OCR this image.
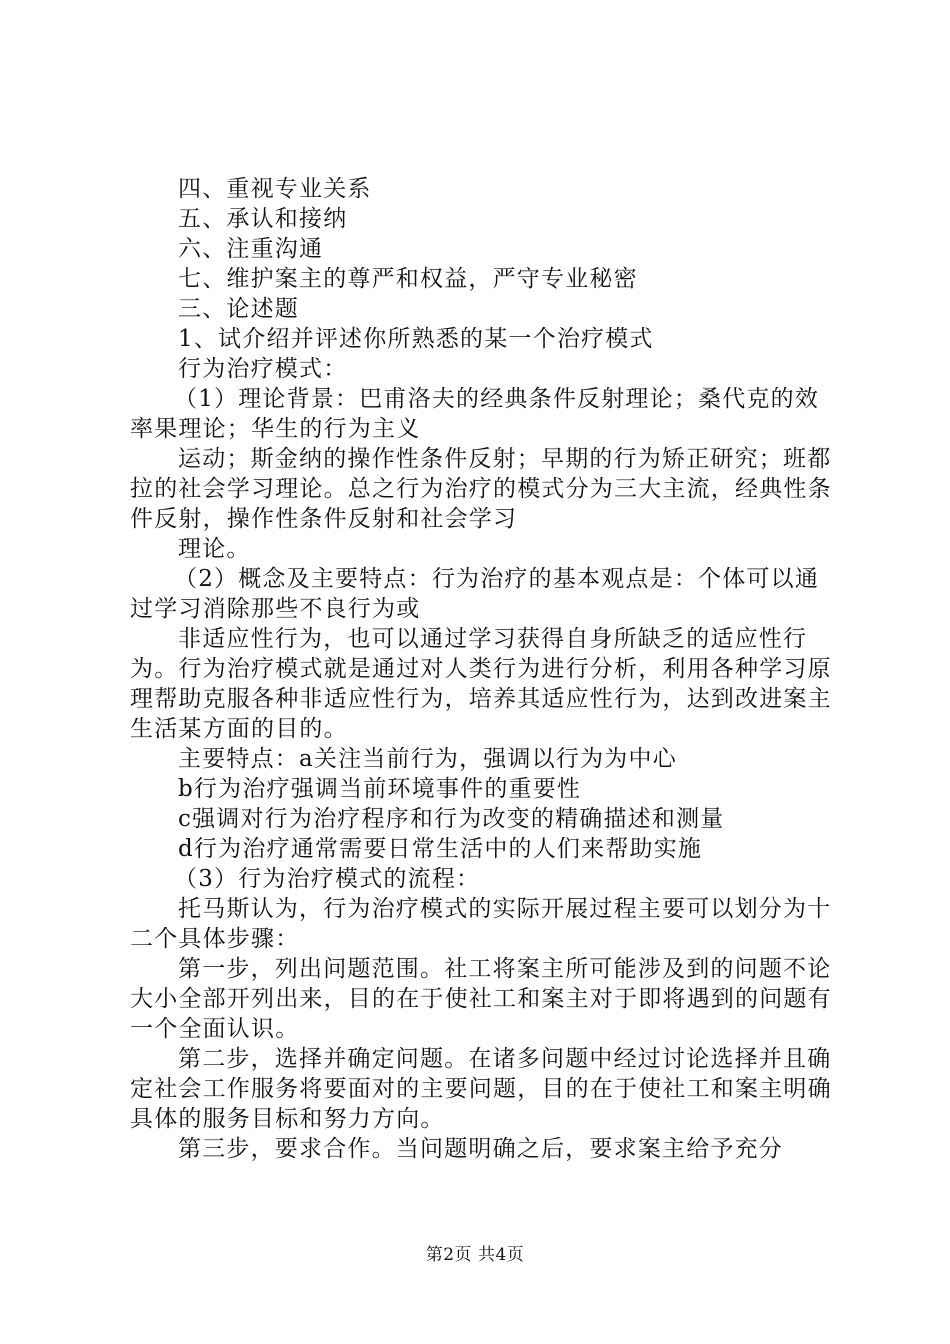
四、重视专业关系

五、承认和接纳

六、注重沟通

七、维护案主的尊严和权益，严守专业秘密

三、论述题

1、试介绍并评述你所熟悉的某一个治疗模式

行为治疗模式：

（1）理论背景：巴甫洛夫的经典条件反射理论；桑代克的效率果理论；华生的行为主义

运动；斯金纳的操作性条件反射；早期的行为矫正研究；班都拉的社会学习理论。总之行为治疗的模式分为三大主流，经典性条件反射，操作性条件反射和社会学习

理论。

（2）概念及主要特点：行为治疗的基本观点是：个体可以通过学习消除那些不良行为或

非适应性行为，也可以通过学习获得自身所缺乏的适应性行为。行为治疗模式就是通过对人类行为进行分析，利用各种学习原理帮助克服各种非适应性行为，培养其适应性行为，达到改进案主生活某方面的目的。

主要特点：a关注当前行为，强调以行为为中心

b行为治疗强调当前环境事件的重要性

c强调对行为治疗程序和行为改变的精确描述和测量

d行为治疗通常需要日常生活中的人们来帮助实施

（3）行为治疗模式的流程：

托马斯认为，行为治疗模式的实际开展过程主要可以划分为十二个具体步骤：

第一步，列出问题范围。社工将案主所可能涉及到的问题不论大小全部开列出来，目的在于使社工和案主对于即将遇到的问题有一个全面认识。

第二步，选择并确定问题。在诸多问题中经过讨论选择并且确定社会工作服务将要面对的主要问题，目的在于使社工和案主明确具体的服务目标和努力方向。

第三步，要求合作。当问题明确之后，要求案主给予充分

第2页 共4页
